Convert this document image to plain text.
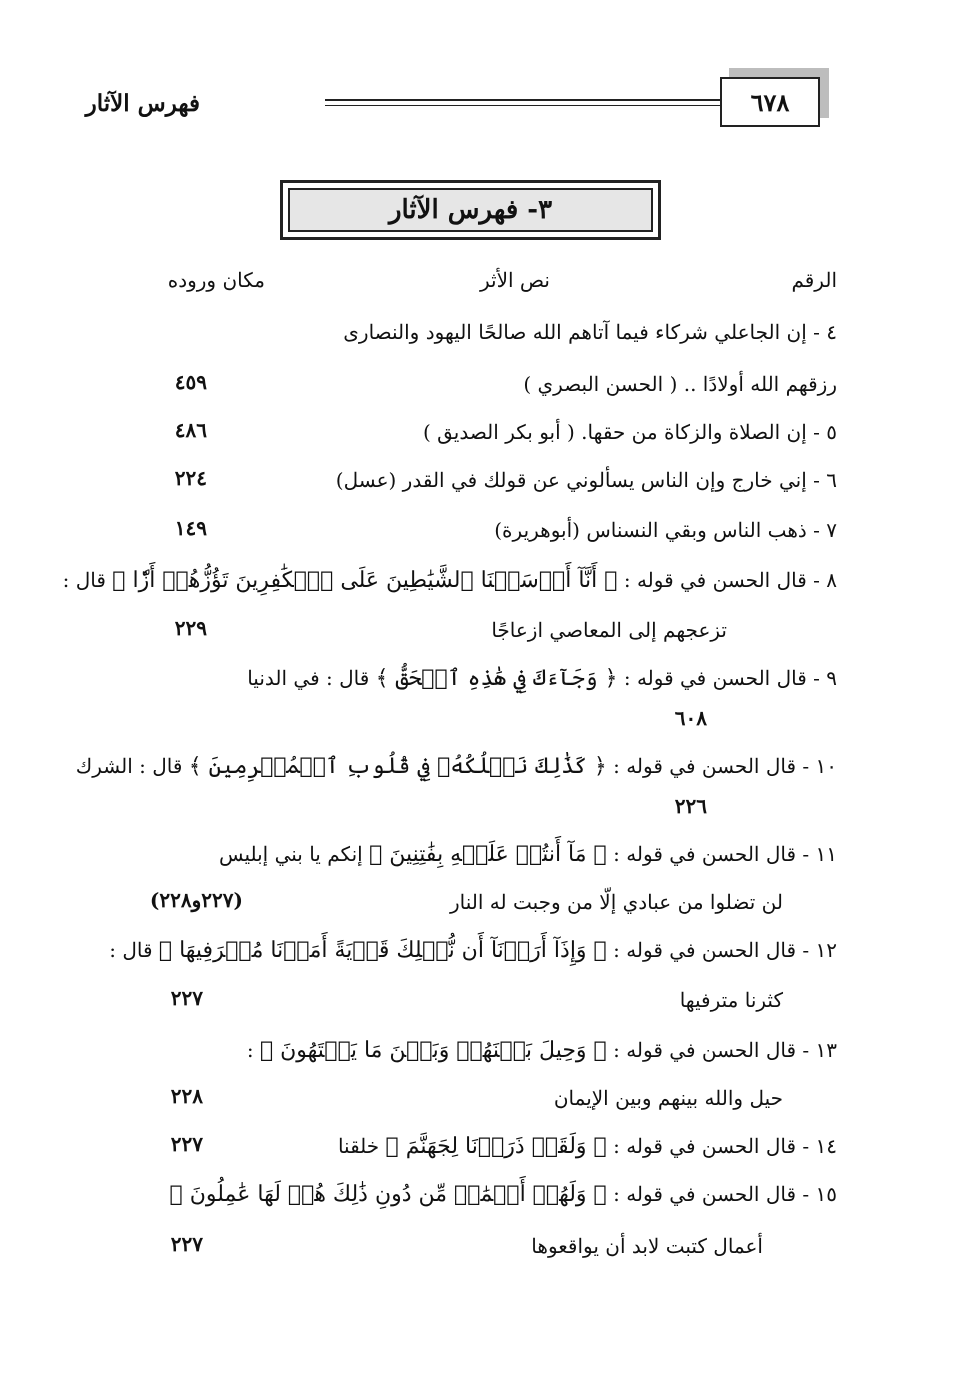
فهرس الآثار	٦٧٨
٣- فهرس الآثار
الرقم
نص الأثر
مكان وروده
٤ - إن الجاعلي شركاء فيما آتاهم الله صالحًا اليهود والنصارى
رزقهم الله أولادًا .. ( الحسن البصري )
٤٥٩
٥ - إن الصلاة والزكاة من حقها. ( أبو بكر الصديق )
٤٨٦
٦ - إني خارج وإن الناس يسألوني عن قولك في القدر (عسل)
٢٢٤
٧ - ذهب الناس وبقي النسناس (أبوهريرة)
١٤٩
٨ - قال الحسن في قوله : ﴿ أَنَّآ أَرۡسَلۡنَا ٱلشَّيَٰطِينَ عَلَى ٱلۡكَٰفِرِينَ تَؤُزُّهُمۡ أَزّٗا ﴾ قال :
تزعجهم إلى المعاصي ازعاجًا
٢٢٩
٩ - قال الحسن في قوله : ﴿ وَجَآءَكَ فِي هَٰذِهِ ٱلۡحَقُّ ﴾ قال : في الدنيا
٦٠٨
١٠ - قال الحسن في قوله : ﴿ كَذَٰلِكَ نَسۡلُكُهُۥ فِي قُلُوبِ ٱلۡمُجۡرِمِينَ ﴾ قال : الشرك
٢٢٦
١١ - قال الحسن في قوله : ﴿ مَآ أَنتُمۡ عَلَيۡهِ بِفَٰتِنِينَ ﴾ إنكم يا بني إبليس
لن تضلوا من عبادي إلّا من وجبت له النار
(٢٢٧و٢٢٨)
١٢ - قال الحسن في قوله : ﴿ وَإِذَآ أَرَدۡنَآ أَن نُّهۡلِكَ قَرۡيَةً أَمَرۡنَا مُتۡرَفِيهَا ﴾ قال :
كثرنا مترفيها
٢٢٧
١٣ - قال الحسن في قوله : ﴿ وَحِيلَ بَيۡنَهُمۡ وَبَيۡنَ مَا يَشۡتَهُونَ ﴾ :
حيل والله بينهم وبين الإيمان
٢٢٨
١٤ - قال الحسن في قوله : ﴿ وَلَقَدۡ ذَرَأۡنَا لِجَهَنَّمَ ﴾ خلقنا
٢٢٧
١٥ - قال الحسن في قوله : ﴿ وَلَهُمۡ أَعۡمَٰلٞ مِّن دُونِ ذَٰلِكَ هُمۡ لَهَا عَٰمِلُونَ ﴾
أعمال كتبت لابد أن يواقعوها
٢٢٧
